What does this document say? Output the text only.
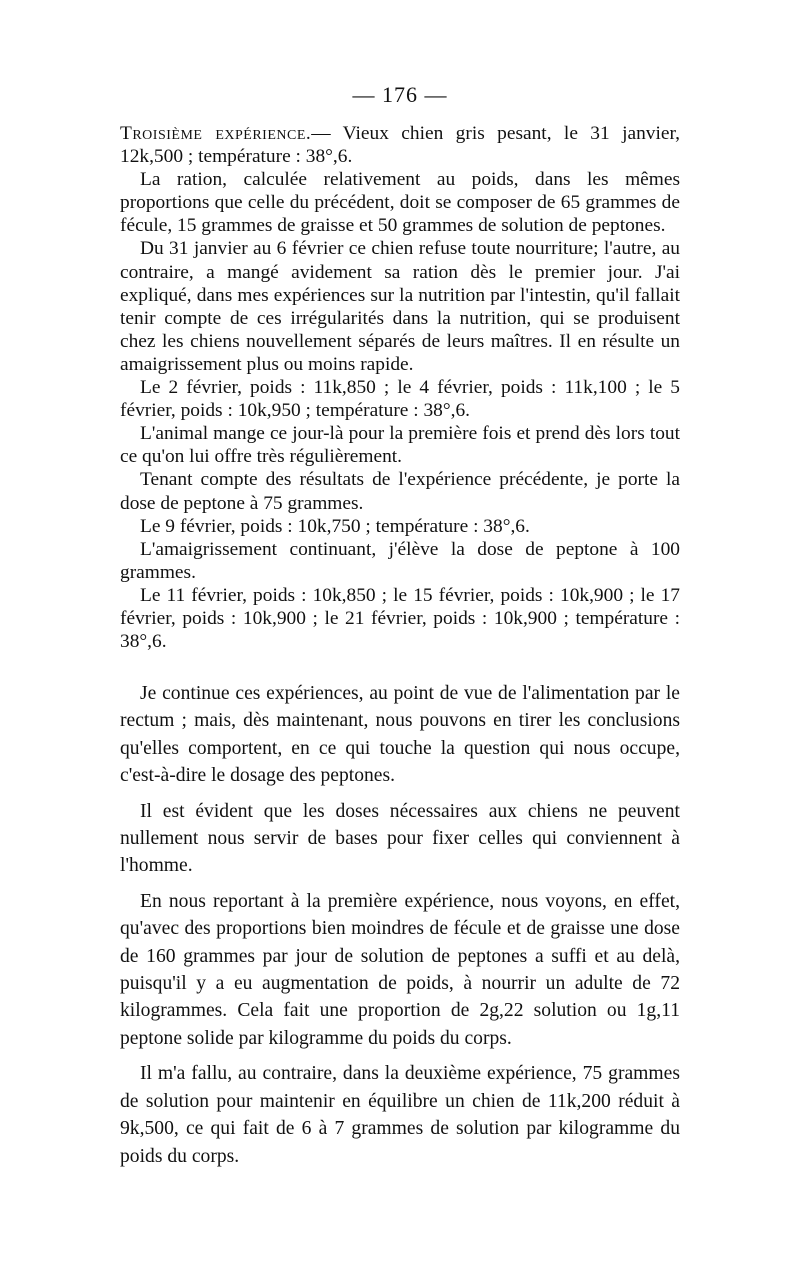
— 176 —

Troisième expérience.— Vieux chien gris pesant, le 31 janvier, 12k,500 ; température : 38°,6.

La ration, calculée relativement au poids, dans les mêmes proportions que celle du précédent, doit se composer de 65 grammes de fécule, 15 grammes de graisse et 50 grammes de solution de peptones.

Du 31 janvier au 6 février ce chien refuse toute nourriture; l'autre, au contraire, a mangé avidement sa ration dès le premier jour. J'ai expliqué, dans mes expériences sur la nutrition par l'intestin, qu'il fallait tenir compte de ces irrégularités dans la nutrition, qui se produisent chez les chiens nouvellement séparés de leurs maîtres. Il en résulte un amaigrissement plus ou moins rapide.

Le 2 février, poids : 11k,850 ; le 4 février, poids : 11k,100 ; le 5 février, poids : 10k,950 ; température : 38°,6.

L'animal mange ce jour-là pour la première fois et prend dès lors tout ce qu'on lui offre très régulièrement.

Tenant compte des résultats de l'expérience précédente, je porte la dose de peptone à 75 grammes.

Le 9 février, poids : 10k,750 ; température : 38°,6.

L'amaigrissement continuant, j'élève la dose de peptone à 100 grammes.

Le 11 février, poids : 10k,850 ; le 15 février, poids : 10k,900 ; le 17 février, poids : 10k,900 ; le 21 février, poids : 10k,900 ; température : 38°,6.

Je continue ces expériences, au point de vue de l'alimentation par le rectum ; mais, dès maintenant, nous pouvons en tirer les conclusions qu'elles comportent, en ce qui touche la question qui nous occupe, c'est-à-dire le dosage des peptones.

Il est évident que les doses nécessaires aux chiens ne peuvent nullement nous servir de bases pour fixer celles qui conviennent à l'homme.

En nous reportant à la première expérience, nous voyons, en effet, qu'avec des proportions bien moindres de fécule et de graisse une dose de 160 grammes par jour de solution de peptones a suffi et au delà, puisqu'il y a eu augmentation de poids, à nourrir un adulte de 72 kilogrammes. Cela fait une proportion de 2g,22 solution ou 1g,11 peptone solide par kilogramme du poids du corps.

Il m'a fallu, au contraire, dans la deuxième expérience, 75 grammes de solution pour maintenir en équilibre un chien de 11k,200 réduit à 9k,500, ce qui fait de 6 à 7 grammes de solution par kilogramme du poids du corps.
